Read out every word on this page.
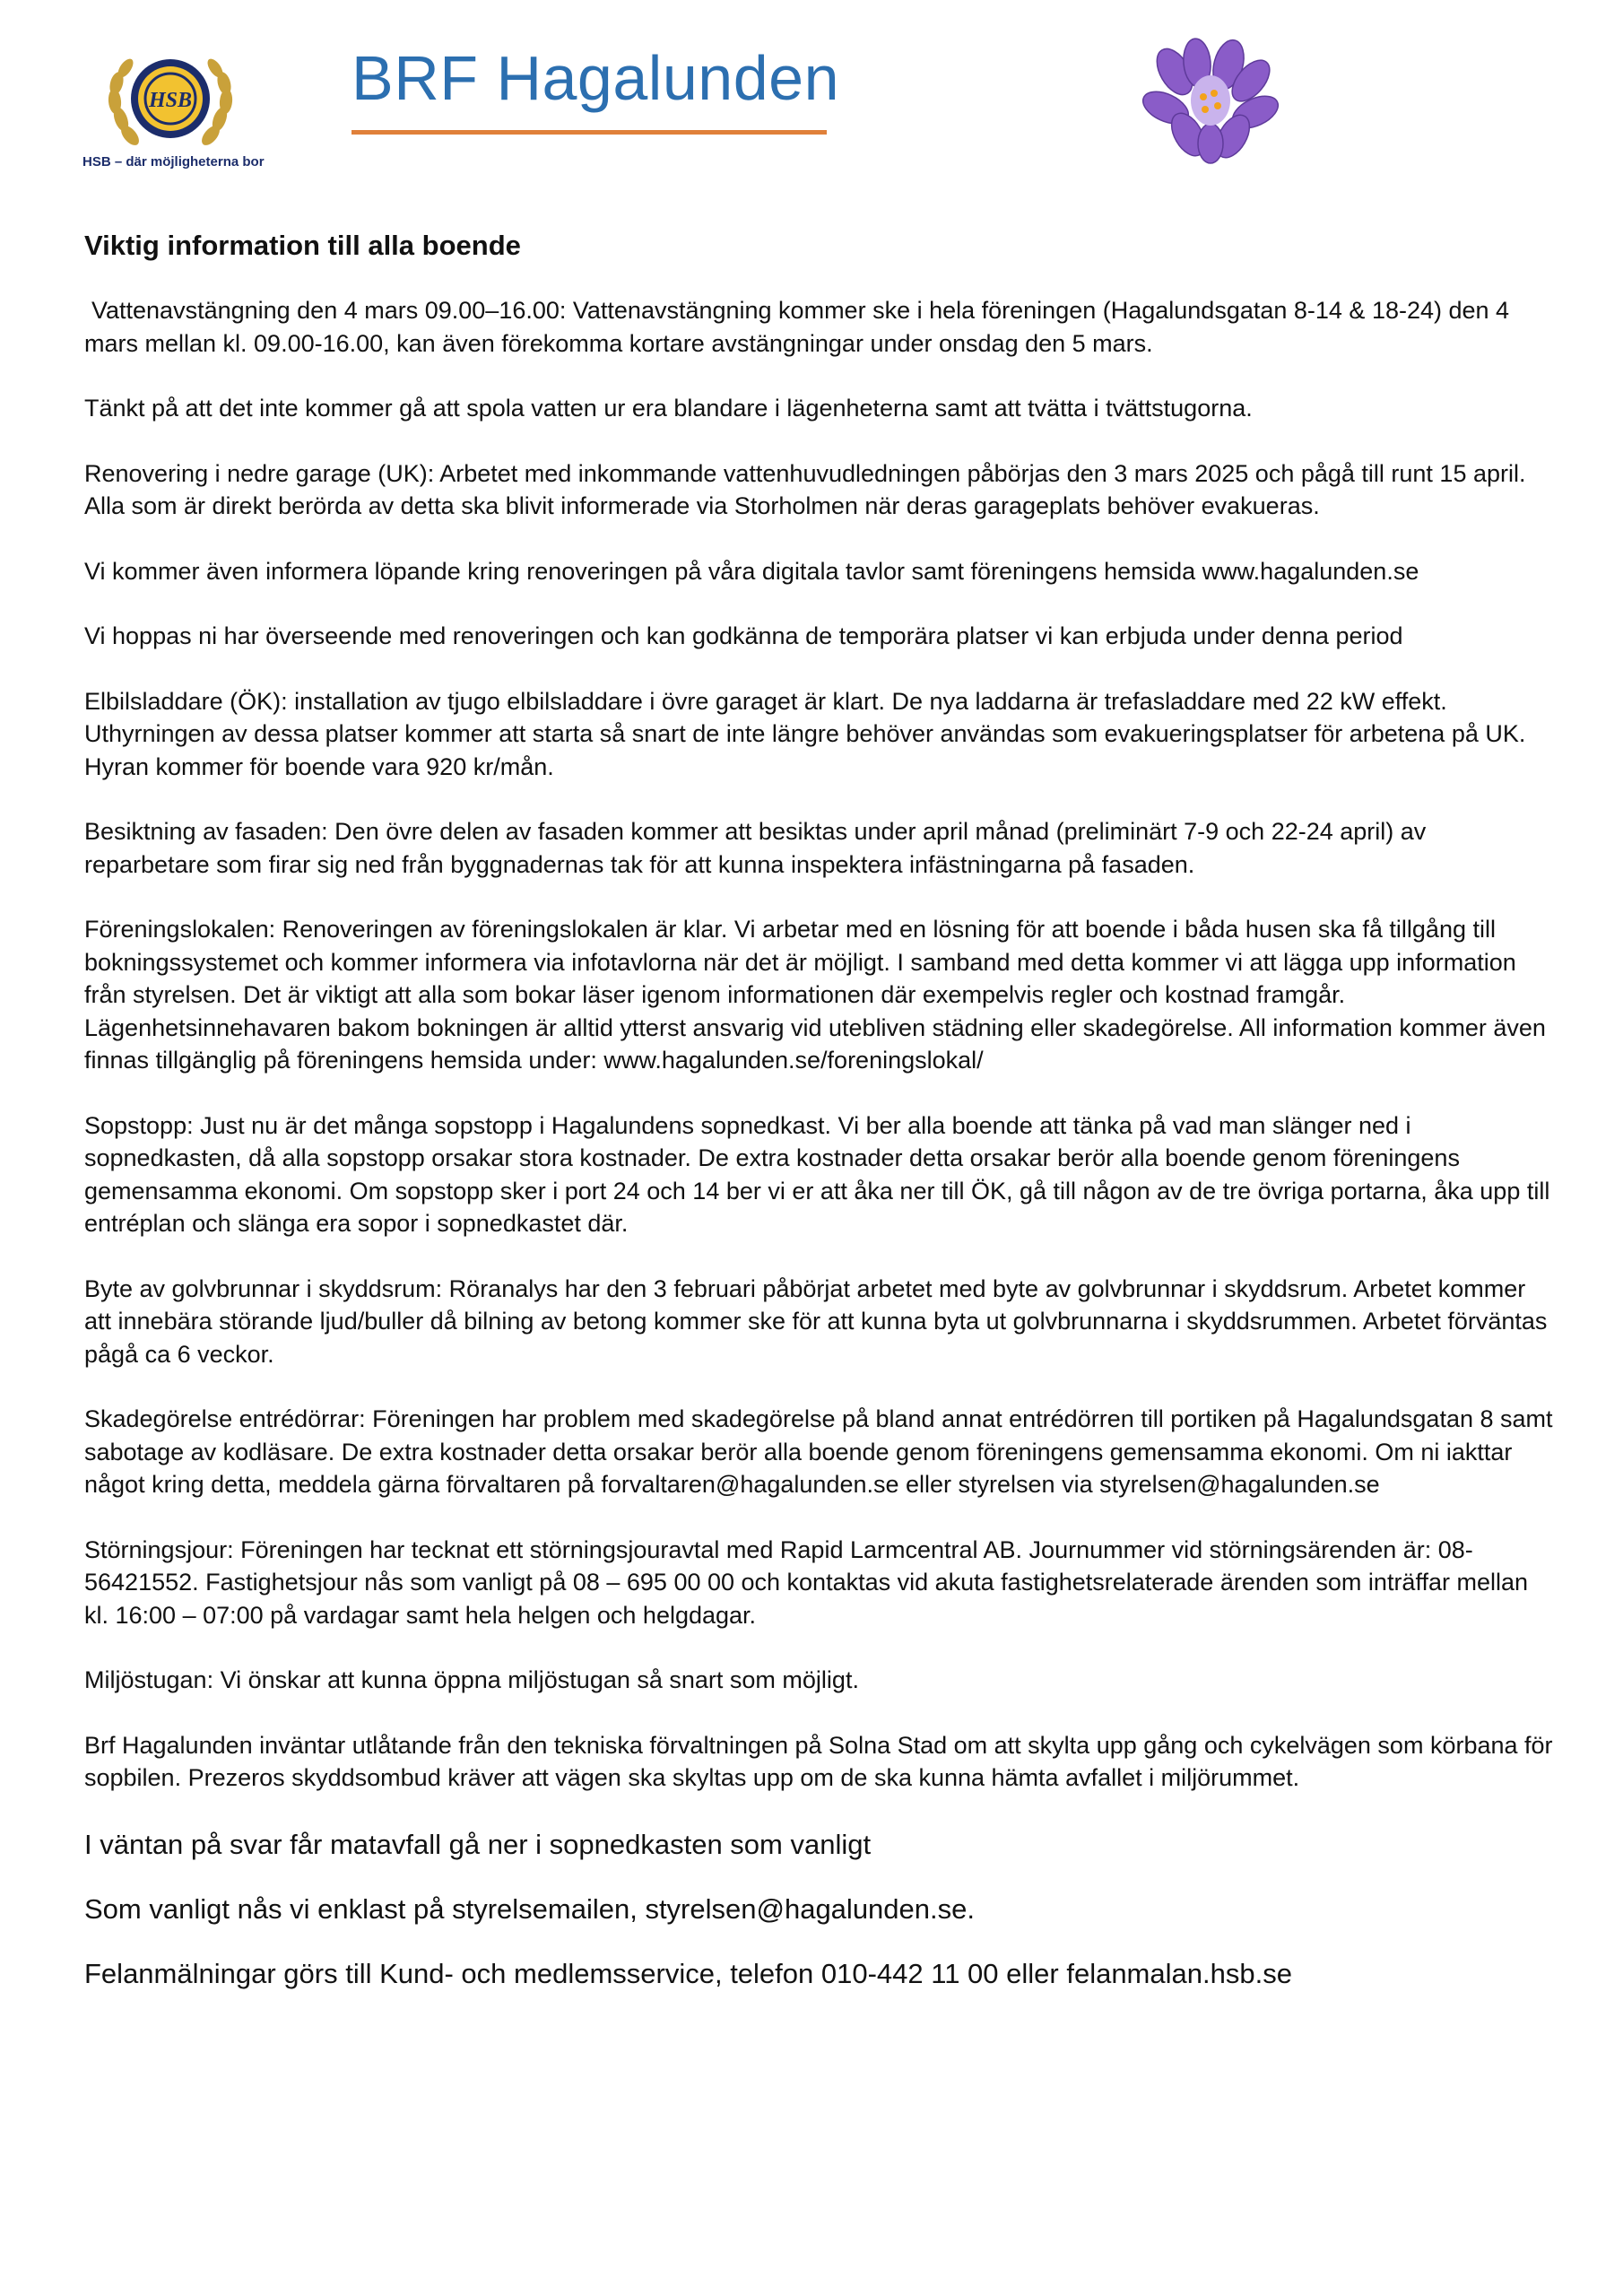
HSB
HSB – där möjligheterna bor
BRF Hagalunden
Viktig information till alla boende
Vattenavstängning den 4 mars 09.00–16.00: Vattenavstängning kommer ske i hela föreningen (Hagalundsgatan 8-14 & 18-24) den 4 mars mellan kl. 09.00-16.00, kan även förekomma kortare avstängningar under onsdag den 5 mars.
Tänkt på att det inte kommer gå att spola vatten ur era blandare i lägenheterna samt att tvätta i tvättstugorna.
Renovering i nedre garage (UK): Arbetet med inkommande vattenhuvudledningen påbörjas den 3 mars 2025 och pågå till runt 15 april. Alla som är direkt berörda av detta ska blivit informerade via Storholmen när deras garageplats behöver evakueras.
Vi kommer även informera löpande kring renoveringen på våra digitala tavlor samt föreningens hemsida www.hagalunden.se
Vi hoppas ni har överseende med renoveringen och kan godkänna de temporära platser vi kan erbjuda under denna period
Elbilsladdare (ÖK): installation av tjugo elbilsladdare i övre garaget är klart. De nya laddarna är trefasladdare med 22 kW effekt. Uthyrningen av dessa platser kommer att starta så snart de inte längre behöver användas som evakueringsplatser för arbetena på UK. Hyran kommer för boende vara 920 kr/mån.
Besiktning av fasaden: Den övre delen av fasaden kommer att besiktas under april månad (preliminärt 7-9 och 22-24 april) av reparbetare som firar sig ned från byggnadernas tak för att kunna inspektera infästningarna på fasaden.
Föreningslokalen: Renoveringen av föreningslokalen är klar. Vi arbetar med en lösning för att boende i båda husen ska få tillgång till bokningssystemet och kommer informera via infotavlorna när det är möjligt. I samband med detta kommer vi att lägga upp information från styrelsen. Det är viktigt att alla som bokar läser igenom informationen där exempelvis regler och kostnad framgår. Lägenhetsinnehavaren bakom bokningen är alltid ytterst ansvarig vid utebliven städning eller skadegörelse. All information kommer även finnas tillgänglig på föreningens hemsida under: www.hagalunden.se/foreningslokal/
Sopstopp: Just nu är det många sopstopp i Hagalundens sopnedkast. Vi ber alla boende att tänka på vad man slänger ned i sopnedkasten, då alla sopstopp orsakar stora kostnader. De extra kostnader detta orsakar berör alla boende genom föreningens gemensamma ekonomi. Om sopstopp sker i port 24 och 14 ber vi er att åka ner till ÖK, gå till någon av de tre övriga portarna, åka upp till entréplan och slänga era sopor i sopnedkastet där.
Byte av golvbrunnar i skyddsrum: Röranalys har den 3 februari påbörjat arbetet med byte av golvbrunnar i skyddsrum. Arbetet kommer att innebära störande ljud/buller då bilning av betong kommer ske för att kunna byta ut golvbrunnarna i skyddsrummen. Arbetet förväntas pågå ca 6 veckor.
Skadegörelse entrédörrar: Föreningen har problem med skadegörelse på bland annat entrédörren till portiken på Hagalundsgatan 8 samt sabotage av kodläsare. De extra kostnader detta orsakar berör alla boende genom föreningens gemensamma ekonomi. Om ni iakttar något kring detta, meddela gärna förvaltaren på forvaltaren@hagalunden.se eller styrelsen via styrelsen@hagalunden.se
Störningsjour: Föreningen har tecknat ett störningsjouravtal med Rapid Larmcentral AB. Journummer vid störningsärenden är: 08-56421552. Fastighetsjour nås som vanligt på 08 – 695 00 00 och kontaktas vid akuta fastighetsrelaterade ärenden som inträffar mellan kl. 16:00 – 07:00 på vardagar samt hela helgen och helgdagar.
Miljöstugan: Vi önskar att kunna öppna miljöstugan så snart som möjligt.
Brf Hagalunden inväntar utlåtande från den tekniska förvaltningen på Solna Stad om att skylta upp gång och cykelvägen som körbana för sopbilen. Prezeros skyddsombud kräver att vägen ska skyltas upp om de ska kunna hämta avfallet i miljörummet.
I väntan på svar får matavfall gå ner i sopnedkasten som vanligt
Som vanligt nås vi enklast på styrelsemailen, styrelsen@hagalunden.se.
Felanmälningar görs till Kund- och medlemsservice, telefon 010-442 11 00 eller felanmalan.hsb.se
